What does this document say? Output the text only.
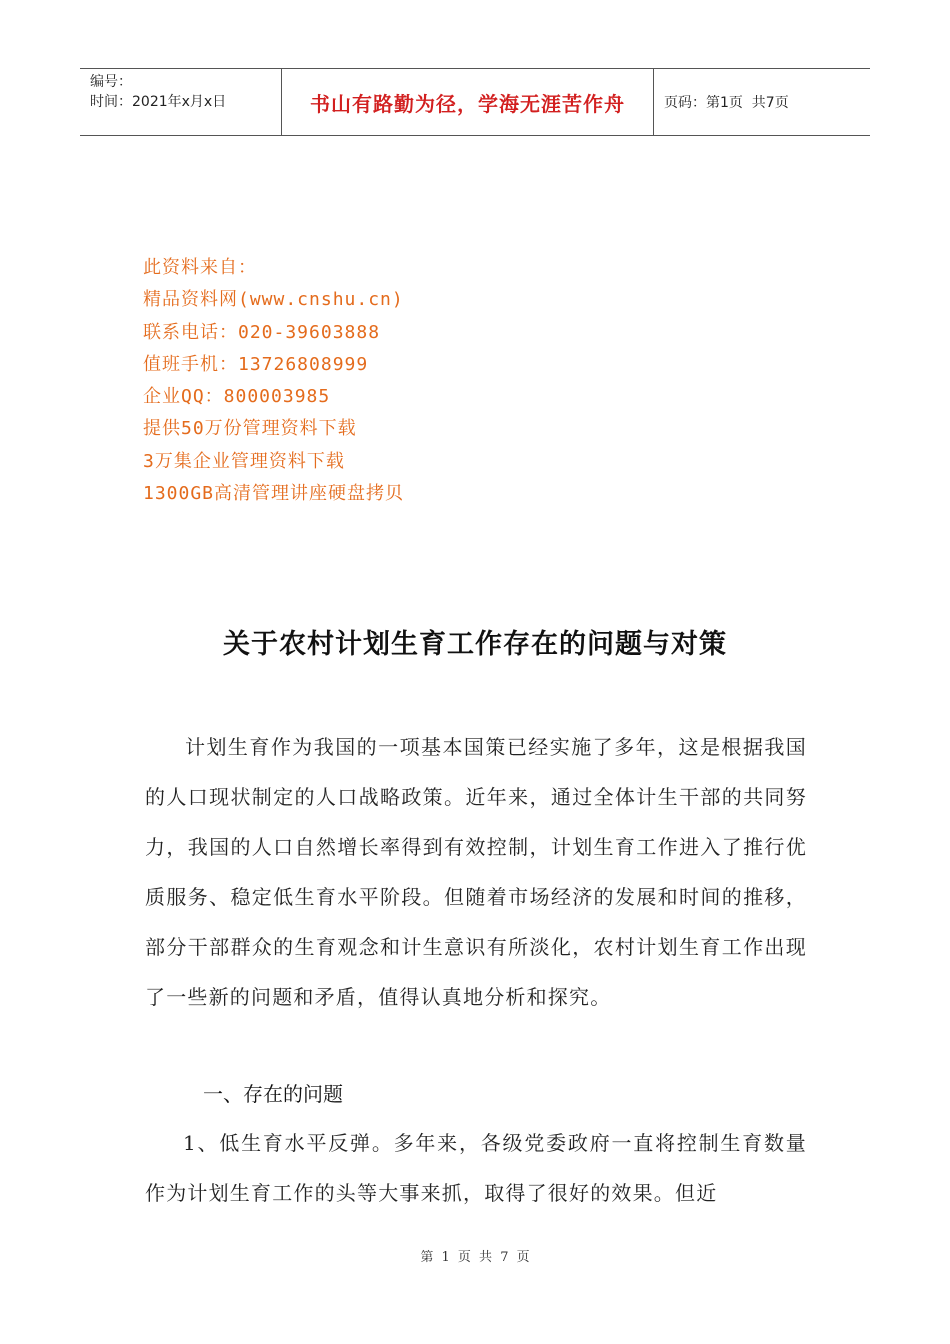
编号：
时间：2021年x月x日	书山有路勤为径，学海无涯苦作舟	页码：第1页  共7页
此资料来自：
精品资料网(www.cnshu.cn)
联系电话：020-39603888
值班手机：13726808999
企业QQ：800003985
提供50万份管理资料下载
3万集企业管理资料下载
1300GB高清管理讲座硬盘拷贝
关于农村计划生育工作存在的问题与对策

计划生育作为我国的一项基本国策已经实施了多年，这是根据我国的人口现状制定的人口战略政策。近年来，通过全体计生干部的共同努力，我国的人口自然增长率得到有效控制，计划生育工作进入了推行优质服务、稳定低生育水平阶段。但随着市场经济的发展和时间的推移，部分干部群众的生育观念和计生意识有所淡化，农村计划生育工作出现了一些新的问题和矛盾，值得认真地分析和探究。

一、存在的问题

1、低生育水平反弹。多年来，各级党委政府一直将控制生育数量作为计划生育工作的头等大事来抓，取得了很好的效果。但近

第 1 页 共 7 页
